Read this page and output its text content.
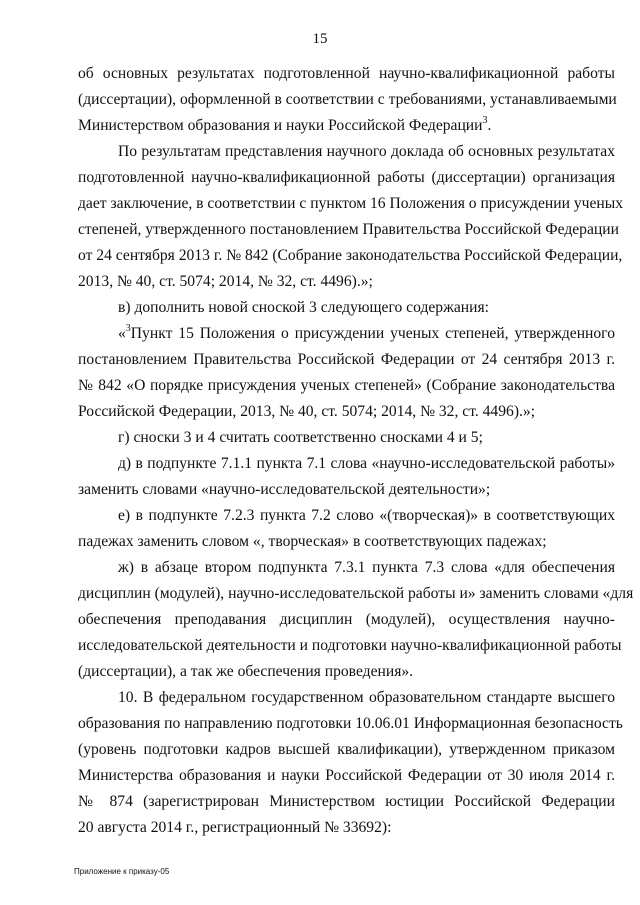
15
об основных результатах подготовленной научно-квалификационной работы
(диссертации), оформленной в соответствии с требованиями, устанавливаемыми
Министерством образования и науки Российской Федерации$^3$.
По результатам представления научного доклада об основных результатах
подготовленной научно-квалификационной работы (диссертации) организация
дает заключение, в соответствии с пунктом 16 Положения о присуждении ученых
степеней, утвержденного постановлением Правительства Российской Федерации
от 24 сентября 2013 г. № 842 (Собрание законодательства Российской Федерации,
2013, № 40, ст. 5074; 2014, № 32, ст. 4496).»;
в) дополнить новой сноской 3 следующего содержания:
«$^3$Пункт 15 Положения о присуждении ученых степеней, утвержденного
постановлением Правительства Российской Федерации от 24 сентября 2013 г.
№ 842 «О порядке присуждения ученых степеней» (Собрание законодательства
Российской Федерации, 2013, № 40, ст. 5074; 2014, № 32, ст. 4496).»;
г) сноски 3 и 4 считать соответственно сносками 4 и 5;
д) в подпункте 7.1.1 пункта 7.1 слова «научно-исследовательской работы»
заменить словами «научно-исследовательской деятельности»;
е) в подпункте 7.2.3 пункта 7.2 слово «(творческая)» в соответствующих
падежах заменить словом «, творческая» в соответствующих падежах;
ж) в абзаце втором подпункта 7.3.1 пункта 7.3 слова «для обеспечения
дисциплин (модулей), научно-исследовательской работы и» заменить словами «для
обеспечения преподавания дисциплин (модулей), осуществления научно-
исследовательской деятельности и подготовки научно-квалификационной работы
(диссертации), а так же обеспечения проведения».
10. В федеральном государственном образовательном стандарте высшего
образования по направлению подготовки 10.06.01 Информационная безопасность
(уровень подготовки кадров высшей квалификации), утвержденном приказом
Министерства образования и науки Российской Федерации от 30 июля 2014 г.
№ 874 (зарегистрирован Министерством юстиции Российской Федерации
20 августа 2014 г., регистрационный № 33692):
Приложение к приказу-05
